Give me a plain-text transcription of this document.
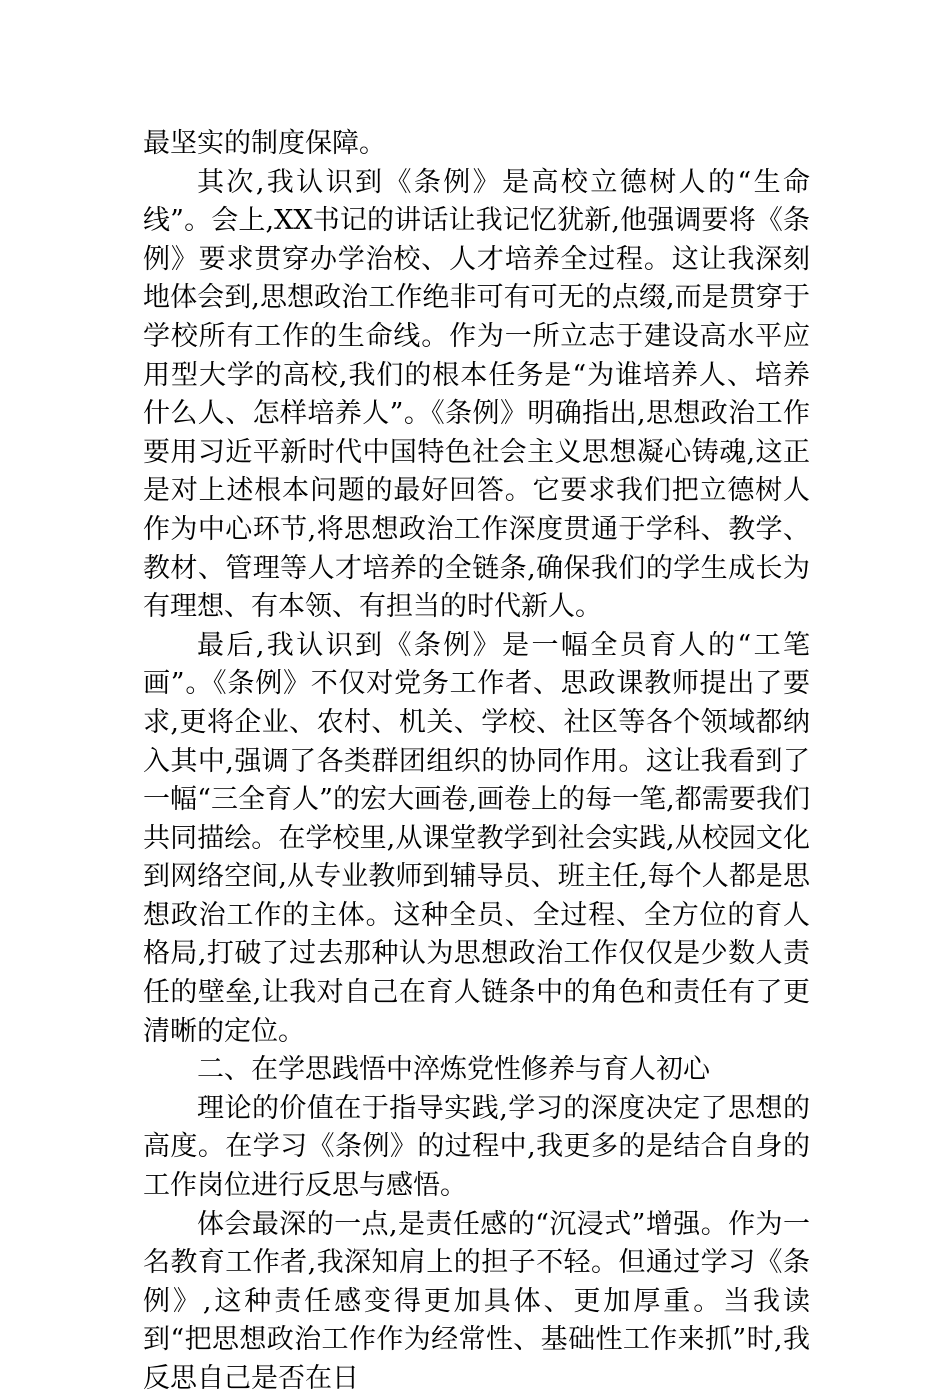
最坚实的制度保障。

其次,我认识到《条例》是高校立德树人的“生命线”。会上,XX书记的讲话让我记忆犹新,他强调要将《条例》要求贯穿办学治校、人才培养全过程。这让我深刻地体会到,思想政治工作绝非可有可无的点缀,而是贯穿于学校所有工作的生命线。作为一所立志于建设高水平应用型大学的高校,我们的根本任务是“为谁培养人、培养什么人、怎样培养人”。《条例》明确指出,思想政治工作要用习近平新时代中国特色社会主义思想凝心铸魂,这正是对上述根本问题的最好回答。它要求我们把立德树人作为中心环节,将思想政治工作深度贯通于学科、教学、教材、管理等人才培养的全链条,确保我们的学生成长为有理想、有本领、有担当的时代新人。

最后,我认识到《条例》是一幅全员育人的“工笔画”。《条例》不仅对党务工作者、思政课教师提出了要求,更将企业、农村、机关、学校、社区等各个领域都纳入其中,强调了各类群团组织的协同作用。这让我看到了一幅“三全育人”的宏大画卷,画卷上的每一笔,都需要我们共同描绘。在学校里,从课堂教学到社会实践,从校园文化到网络空间,从专业教师到辅导员、班主任,每个人都是思想政治工作的主体。这种全员、全过程、全方位的育人格局,打破了过去那种认为思想政治工作仅仅是少数人责任的壁垒,让我对自己在育人链条中的角色和责任有了更清晰的定位。

二、在学思践悟中淬炼党性修养与育人初心

理论的价值在于指导实践,学习的深度决定了思想的高度。在学习《条例》的过程中,我更多的是结合自身的工作岗位进行反思与感悟。

体会最深的一点,是责任感的“沉浸式”增强。作为一名教育工作者,我深知肩上的担子不轻。但通过学习《条例》,这种责任感变得更加具体、更加厚重。当我读到“把思想政治工作作为经常性、基础性工作来抓”时,我反思自己是否在日
